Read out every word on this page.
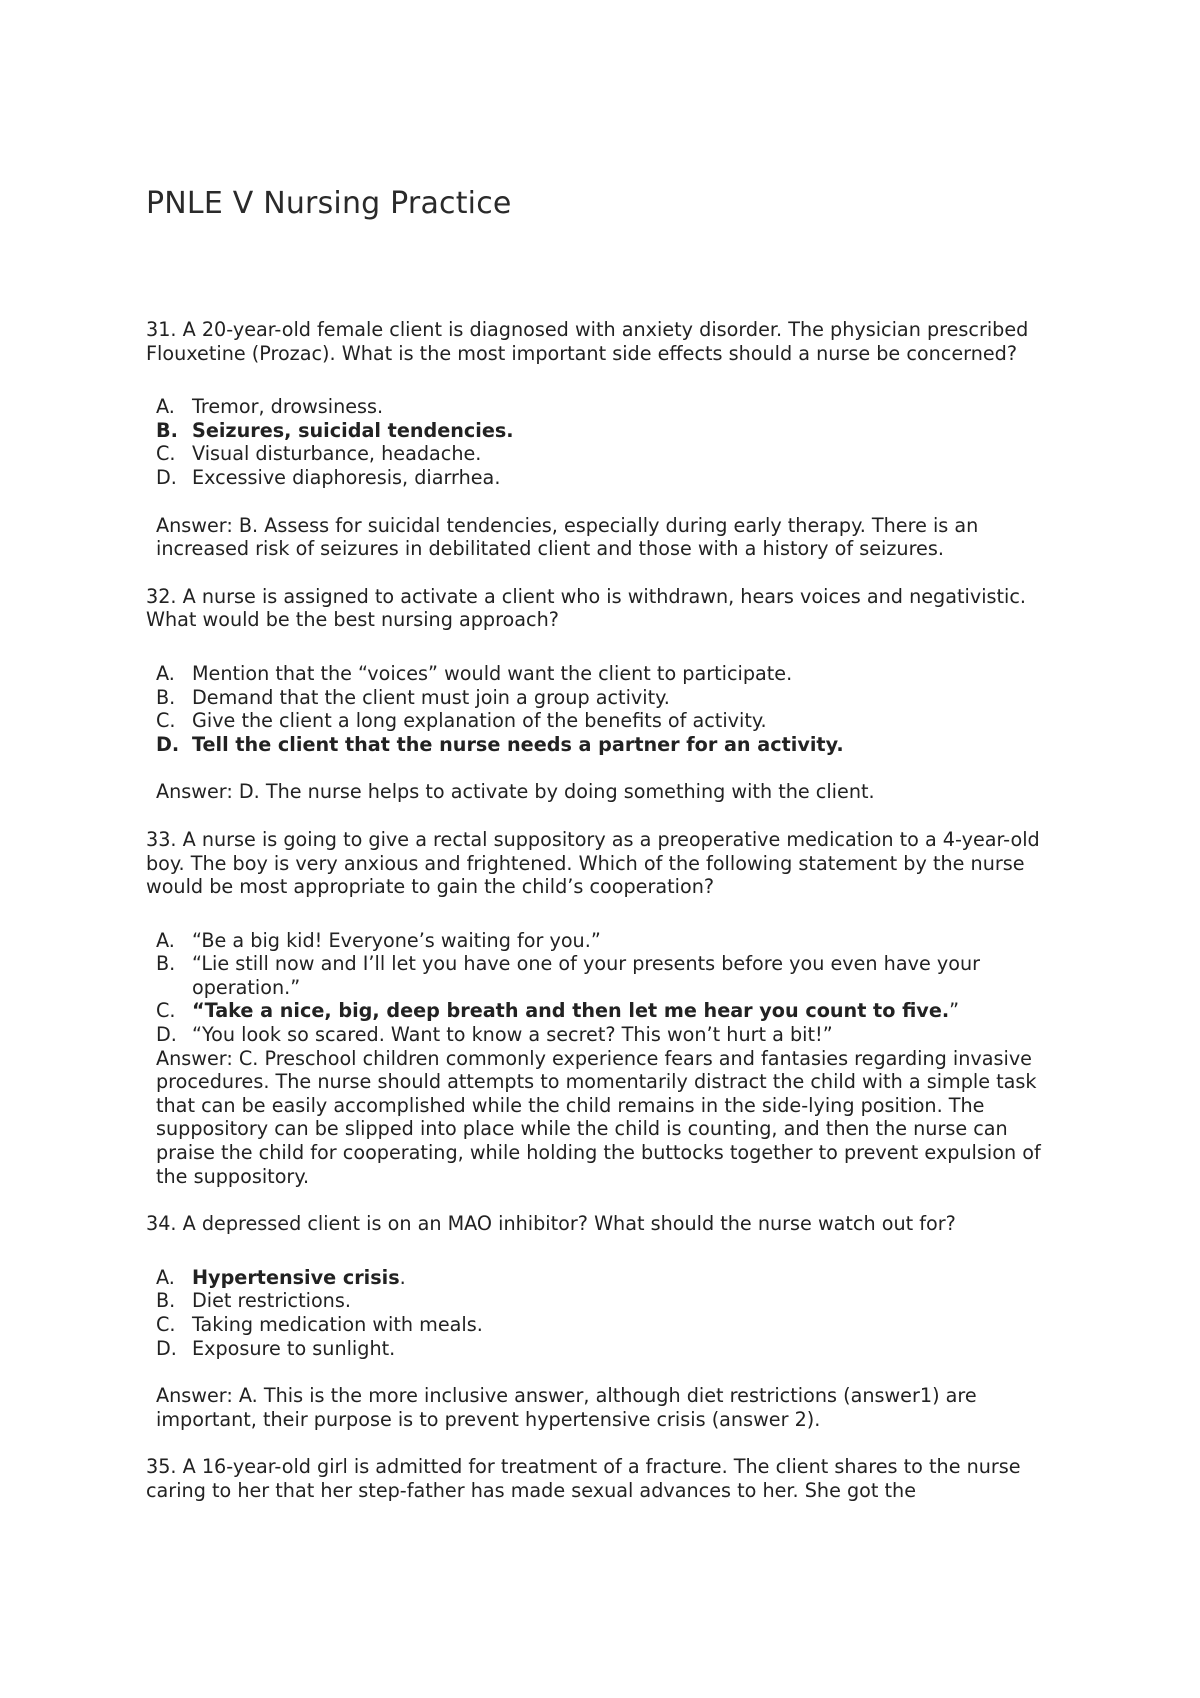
PNLE V Nursing Practice

31. A 20-year-old female client is diagnosed with anxiety disorder. The physician prescribed Flouxetine (Prozac). What is the most important side effects should a nurse be concerned?

A. Tremor, drowsiness.
B. Seizures, suicidal tendencies.
C. Visual disturbance, headache.
D. Excessive diaphoresis, diarrhea.

Answer: B. Assess for suicidal tendencies, especially during early therapy. There is an increased risk of seizures in debilitated client and those with a history of seizures.

32. A nurse is assigned to activate a client who is withdrawn, hears voices and negativistic. What would be the best nursing approach?

A. Mention that the “voices” would want the client to participate.
B. Demand that the client must join a group activity.
C. Give the client a long explanation of the benefits of activity.
D. Tell the client that the nurse needs a partner for an activity.

Answer: D. The nurse helps to activate by doing something with the client.

33. A nurse is going to give a rectal suppository as a preoperative medication to a 4-year-old boy. The boy is very anxious and frightened. Which of the following statement by the nurse would be most appropriate to gain the child’s cooperation?

A. “Be a big kid! Everyone’s waiting for you.”
B. “Lie still now and I’ll let you have one of your presents before you even have your operation.”
C. “Take a nice, big, deep breath and then let me hear you count to five.”
D. “You look so scared. Want to know a secret? This won’t hurt a bit!”

Answer: C. Preschool children commonly experience fears and fantasies regarding invasive procedures. The nurse should attempts to momentarily distract the child with a simple task that can be easily accomplished while the child remains in the side-lying position. The suppository can be slipped into place while the child is counting, and then the nurse can praise the child for cooperating, while holding the buttocks together to prevent expulsion of the suppository.

34. A depressed client is on an MAO inhibitor? What should the nurse watch out for?

A. Hypertensive crisis.
B. Diet restrictions.
C. Taking medication with meals.
D. Exposure to sunlight.

Answer: A. This is the more inclusive answer, although diet restrictions (answer1) are important, their purpose is to prevent hypertensive crisis (answer 2).

35. A 16-year-old girl is admitted for treatment of a fracture. The client shares to the nurse caring to her that her step-father has made sexual advances to her. She got the
